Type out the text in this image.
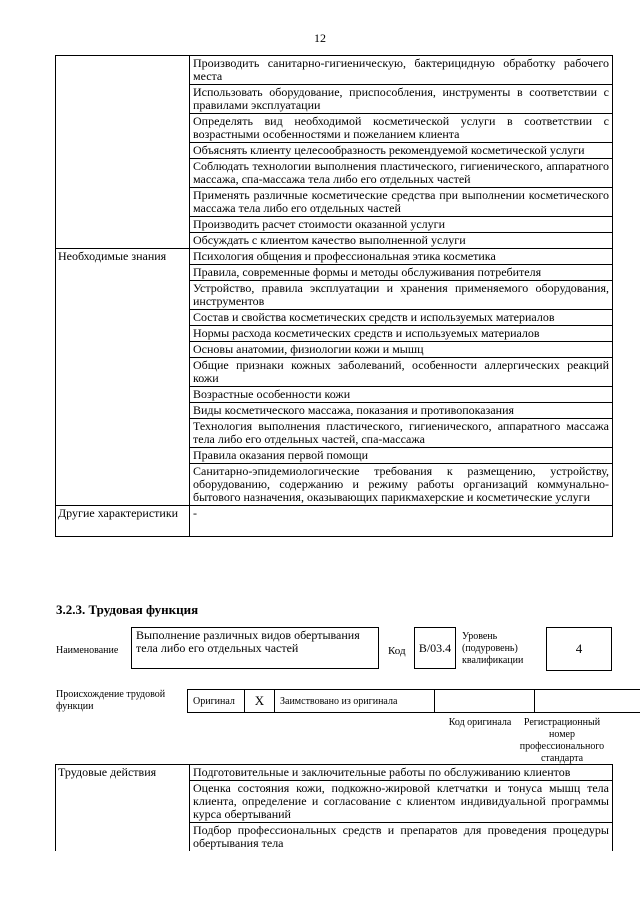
12
	Производить санитарно-гигиеническую, бактерицидную обработку рабочего места
	Использовать оборудование, приспособления, инструменты в соответствии с правилами эксплуатации
	Определять вид необходимой косметической услуги в соответствии с возрастными особенностями и пожеланием клиента
	Объяснять клиенту целесообразность рекомендуемой косметической услуги
	Соблюдать технологии выполнения пластического, гигиенического, аппаратного массажа, спа-массажа тела либо его отдельных частей
	Применять различные косметические средства при выполнении косметического массажа тела либо его отдельных частей
	Производить расчет стоимости оказанной услуги
	Обсуждать с клиентом качество выполненной услуги
Необходимые знания	Психология общения и профессиональная этика косметика
	Правила, современные формы и методы обслуживания потребителя
	Устройство, правила эксплуатации и хранения применяемого оборудования, инструментов
	Состав и свойства косметических средств и используемых материалов
	Нормы расхода косметических средств и используемых материалов
	Основы анатомии, физиологии кожи и мышц
	Общие признаки кожных заболеваний, особенности аллергических реакций кожи
	Возрастные особенности кожи
	Виды косметического массажа, показания и противопоказания
	Технология выполнения пластического, гигиенического, аппаратного массажа тела либо его отдельных частей, спа-массажа
	Правила оказания первой помощи
	Санитарно-эпидемиологические требования к размещению, устройству, оборудованию, содержанию и режиму работы организаций коммунально-бытового назначения, оказывающих парикмахерские и косметические услуги
Другие характеристики	-
3.2.3. Трудовая функция
Наименование
Выполнение различных видов обертывания тела либо его отдельных частей	Код	В/03.4
Уровень (подуровень) квалификации
4
Происхождение трудовой функции	Оригинал	X	Заимствовано из оригинала
Код оригинала	Регистрационный номер профессионального стандарта
Трудовые действия	Подготовительные и заключительные работы по обслуживанию клиентов
	Оценка состояния кожи, подкожно-жировой клетчатки и тонуса мышц тела клиента, определение и согласование с клиентом индивидуальной программы курса обертываний
	Подбор профессиональных средств и препаратов для проведения процедуры обертывания тела
